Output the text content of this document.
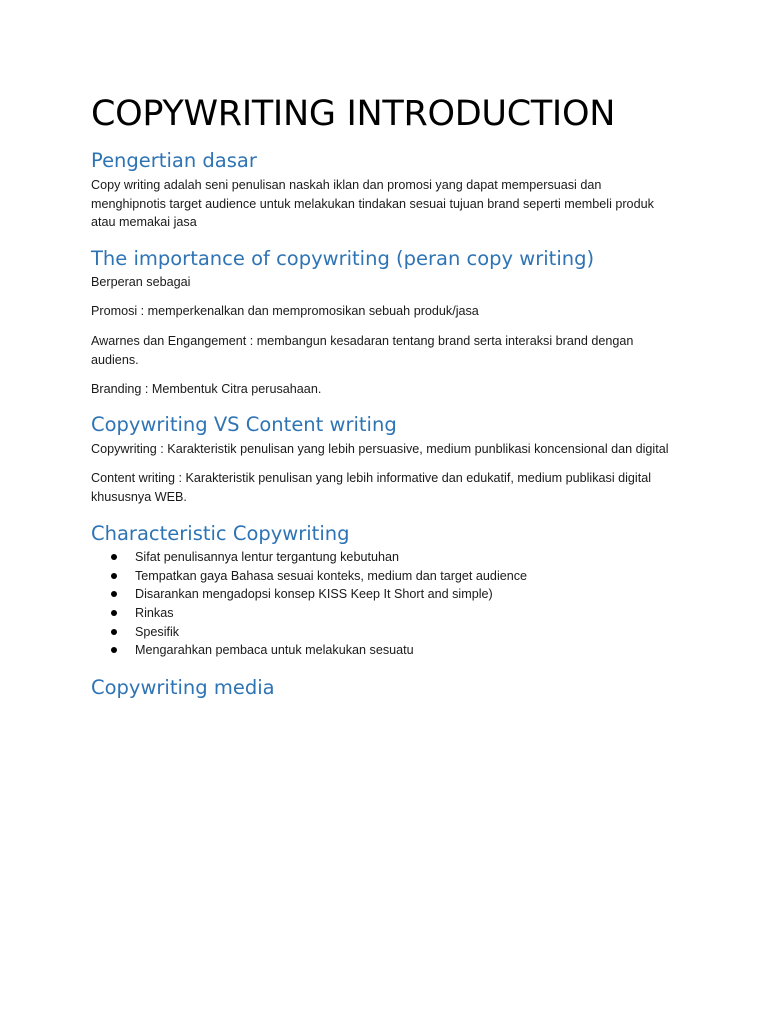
COPYWRITING INTRODUCTION
Pengertian dasar

Copy writing adalah seni penulisan naskah iklan dan promosi yang dapat mempersuasi dan menghipnotis target audience untuk melakukan tindakan sesuai tujuan brand seperti membeli produk atau memakai jasa

The importance of copywriting (peran copy writing)

Berperan sebagai

Promosi : memperkenalkan dan mempromosikan sebuah produk/jasa

Awarnes dan Engangement : membangun kesadaran tentang brand serta interaksi brand dengan audiens.

Branding : Membentuk Citra perusahaan.

Copywriting VS Content writing

Copywriting : Karakteristik penulisan yang lebih persuasive, medium punblikasi koncensional dan digital

Content writing : Karakteristik penulisan yang lebih informative dan edukatif, medium publikasi digital khususnya WEB.

Characteristic Copywriting
Sifat penulisannya lentur tergantung kebutuhan
Tempatkan gaya Bahasa sesuai konteks, medium dan target audience
Disarankan mengadopsi konsep KISS Keep It Short and simple)
Rinkas
Spesifik
Mengarahkan pembaca untuk melakukan sesuatu
Copywriting media
